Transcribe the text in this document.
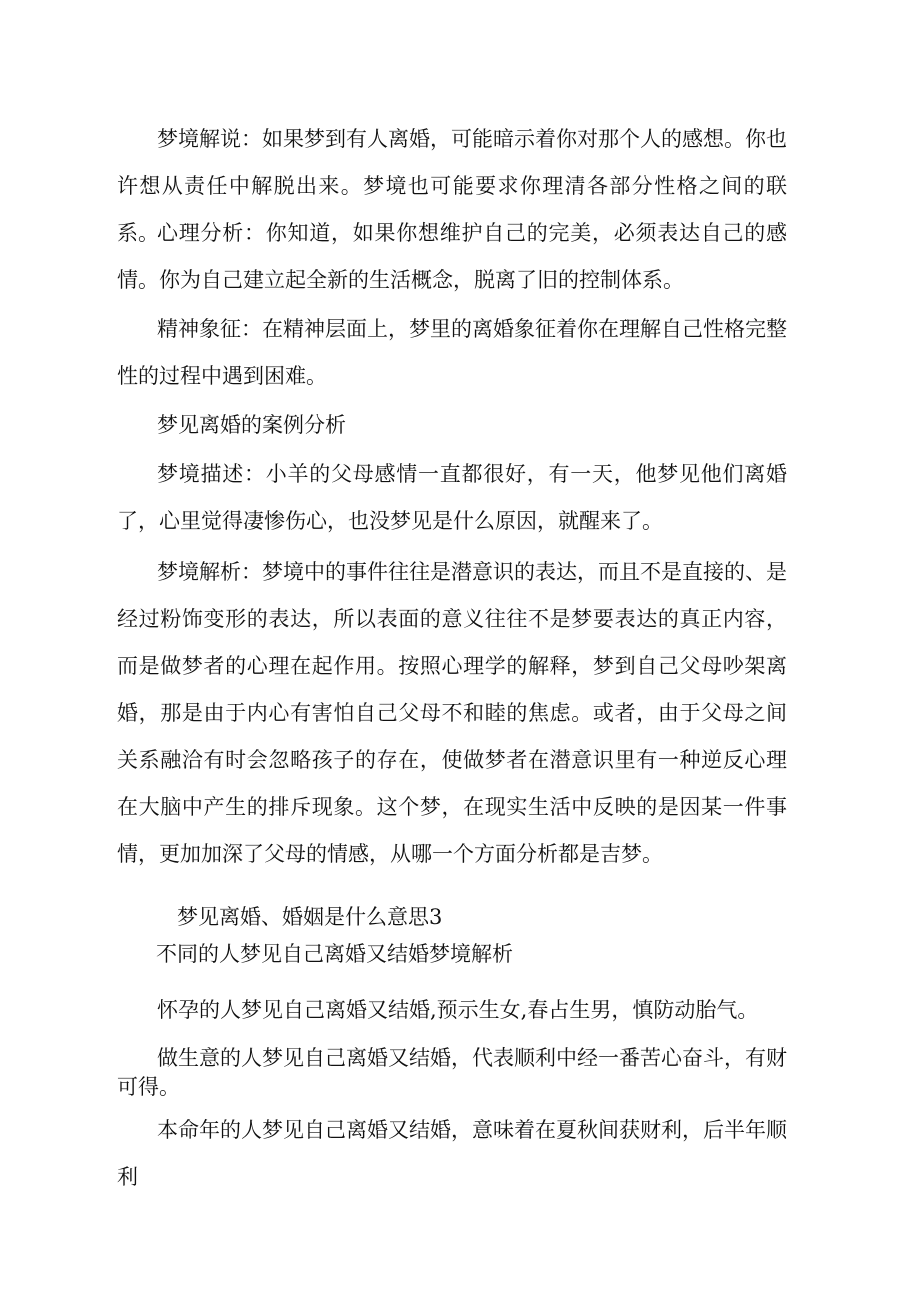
梦境解说：如果梦到有人离婚，可能暗示着你对那个人的感想。你也许想从责任中解脱出来。梦境也可能要求你理清各部分性格之间的联系。

心理分析：你知道，如果你想维护自己的完美，必须表达自己的感情。你为自己建立起全新的生活概念，脱离了旧的控制体系。

精神象征：在精神层面上，梦里的离婚象征着你在理解自己性格完整性的过程中遇到困难。

梦见离婚的案例分析

梦境描述：小羊的父母感情一直都很好，有一天，他梦见他们离婚了，心里觉得凄惨伤心，也没梦见是什么原因，就醒来了。

梦境解析：梦境中的事件往往是潜意识的表达，而且不是直接的、是经过粉饰变形的表达，所以表面的意义往往不是梦要表达的真正内容，而是做梦者的心理在起作用。按照心理学的解释，梦到自己父母吵架离婚，那是由于内心有害怕自己父母不和睦的焦虑。或者，由于父母之间关系融洽有时会忽略孩子的存在，使做梦者在潜意识里有一种逆反心理在大脑中产生的排斥现象。这个梦，在现实生活中反映的是因某一件事情，更加加深了父母的情感，从哪一个方面分析都是吉梦。

梦见离婚、婚姻是什么意思3

不同的人梦见自己离婚又结婚梦境解析

怀孕的人梦见自己离婚又结婚,预示生女,春占生男，慎防动胎气。

做生意的人梦见自己离婚又结婚，代表顺利中经一番苦心奋斗，有财可得。

本命年的人梦见自己离婚又结婚，意味着在夏秋间获财利，后半年顺利
